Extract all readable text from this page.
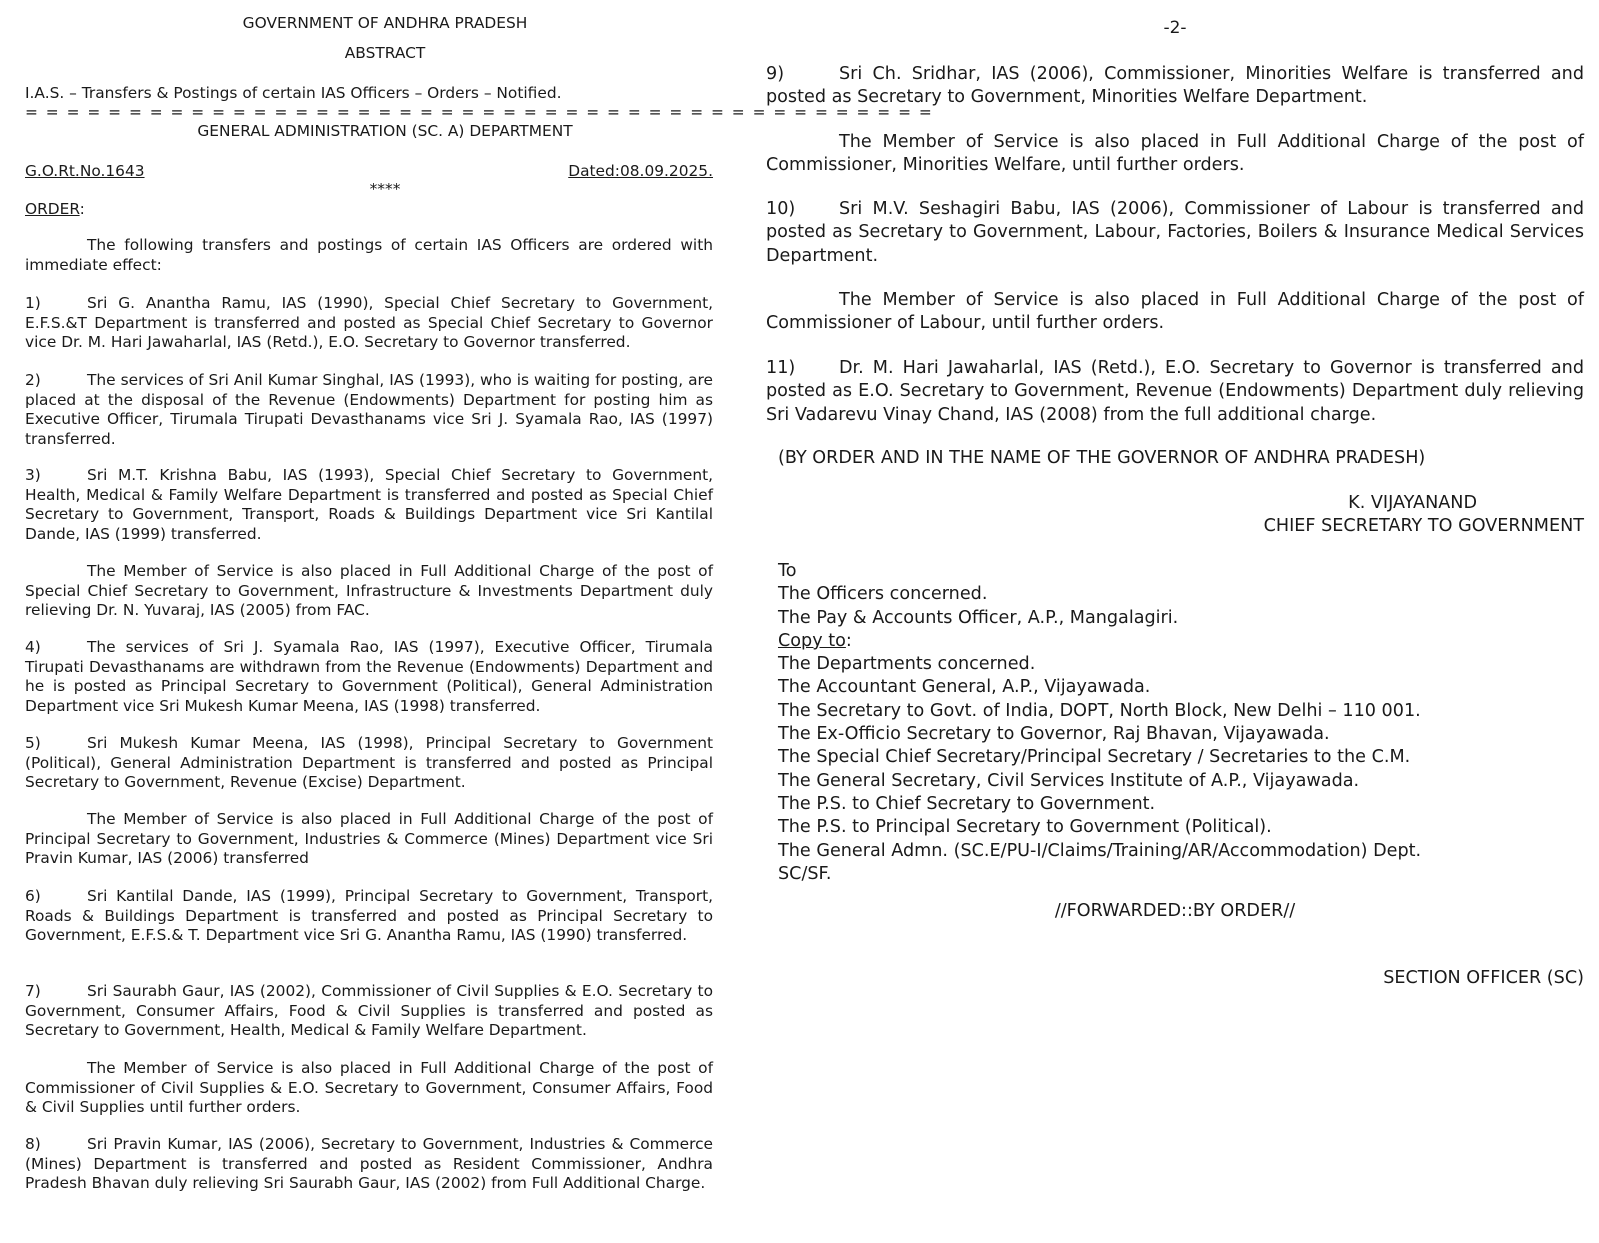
GOVERNMENT OF ANDHRA PRADESH
ABSTRACT
I.A.S. – Transfers & Postings of certain IAS Officers – Orders – Notified.
= = = = = = = = = = = = = = = = = = = = = = = = = = = = = = = = = = = = = = = = = = = =
GENERAL ADMINISTRATION (SC. A) DEPARTMENT
G.O.Rt.No.1643	Dated:08.09.2025.
****
ORDER:

The following transfers and postings of certain IAS Officers are ordered with immediate effect:

1)	Sri G. Anantha Ramu, IAS (1990), Special Chief Secretary to Government, E.F.S.&T Department is transferred and posted as Special Chief Secretary to Governor vice Dr. M. Hari Jawaharlal, IAS (Retd.), E.O. Secretary to Governor transferred.

2)	The services of Sri Anil Kumar Singhal, IAS (1993), who is waiting for posting, are placed at the disposal of the Revenue (Endowments) Department for posting him as Executive Officer, Tirumala Tirupati Devasthanams vice Sri J. Syamala Rao, IAS (1997) transferred.

3)	Sri M.T. Krishna Babu, IAS (1993), Special Chief Secretary to Government, Health, Medical & Family Welfare Department is transferred and posted as Special Chief Secretary to Government, Transport, Roads & Buildings Department vice Sri Kantilal Dande, IAS (1999) transferred.

The Member of Service is also placed in Full Additional Charge of the post of Special Chief Secretary to Government, Infrastructure & Investments Department duly relieving Dr. N. Yuvaraj, IAS (2005) from FAC.

4)	The services of Sri J. Syamala Rao, IAS (1997), Executive Officer, Tirumala Tirupati Devasthanams are withdrawn from the Revenue (Endowments) Department and he is posted as Principal Secretary to Government (Political), General Administration Department vice Sri Mukesh Kumar Meena, IAS (1998) transferred.

5)	Sri Mukesh Kumar Meena, IAS (1998), Principal Secretary to Government (Political), General Administration Department is transferred and posted as Principal Secretary to Government, Revenue (Excise) Department.

The Member of Service is also placed in Full Additional Charge of the post of Principal Secretary to Government, Industries & Commerce (Mines) Department vice Sri Pravin Kumar, IAS (2006) transferred

6)	Sri Kantilal Dande, IAS (1999), Principal Secretary to Government, Transport, Roads & Buildings Department is transferred and posted as Principal Secretary to Government, E.F.S.& T. Department vice Sri G. Anantha Ramu, IAS (1990) transferred.

7)	Sri Saurabh Gaur, IAS (2002), Commissioner of Civil Supplies & E.O. Secretary to Government, Consumer Affairs, Food & Civil Supplies is transferred and posted as Secretary to Government, Health, Medical & Family Welfare Department.

The Member of Service is also placed in Full Additional Charge of the post of Commissioner of Civil Supplies & E.O. Secretary to Government, Consumer Affairs, Food & Civil Supplies until further orders.

8)	Sri Pravin Kumar, IAS (2006), Secretary to Government, Industries & Commerce (Mines) Department is transferred and posted as Resident Commissioner, Andhra Pradesh Bhavan duly relieving Sri Saurabh Gaur, IAS (2002) from Full Additional Charge.

-2-

9)	Sri Ch. Sridhar, IAS (2006), Commissioner, Minorities Welfare is transferred and posted as Secretary to Government, Minorities Welfare Department.

The Member of Service is also placed in Full Additional Charge of the post of Commissioner, Minorities Welfare, until further orders.

10) Sri M.V. Seshagiri Babu, IAS (2006), Commissioner of Labour is transferred and posted as Secretary to Government, Labour, Factories, Boilers & Insurance Medical Services Department.

The Member of Service is also placed in Full Additional Charge of the post of Commissioner of Labour, until further orders.

11) Dr. M. Hari Jawaharlal, IAS (Retd.), E.O. Secretary to Governor is transferred and posted as E.O. Secretary to Government, Revenue (Endowments) Department duly relieving Sri Vadarevu Vinay Chand, IAS (2008) from the full additional charge.

(BY ORDER AND IN THE NAME OF THE GOVERNOR OF ANDHRA PRADESH)
K. VIJAYANAND
CHIEF SECRETARY TO GOVERNMENT
To
The Officers concerned.
The Pay & Accounts Officer, A.P., Mangalagiri.
Copy to:
The Departments concerned.
The Accountant General, A.P., Vijayawada.
The Secretary to Govt. of India, DOPT, North Block, New Delhi – 110 001.
The Ex-Officio Secretary to Governor, Raj Bhavan, Vijayawada.
The Special Chief Secretary/Principal Secretary / Secretaries to the C.M.
The General Secretary, Civil Services Institute of A.P., Vijayawada.
The P.S. to Chief Secretary to Government.
The P.S. to Principal Secretary to Government (Political).
The General Admn. (SC.E/PU-I/Claims/Training/AR/Accommodation) Dept.
SC/SF.
//FORWARDED::BY ORDER//
SECTION OFFICER (SC)
